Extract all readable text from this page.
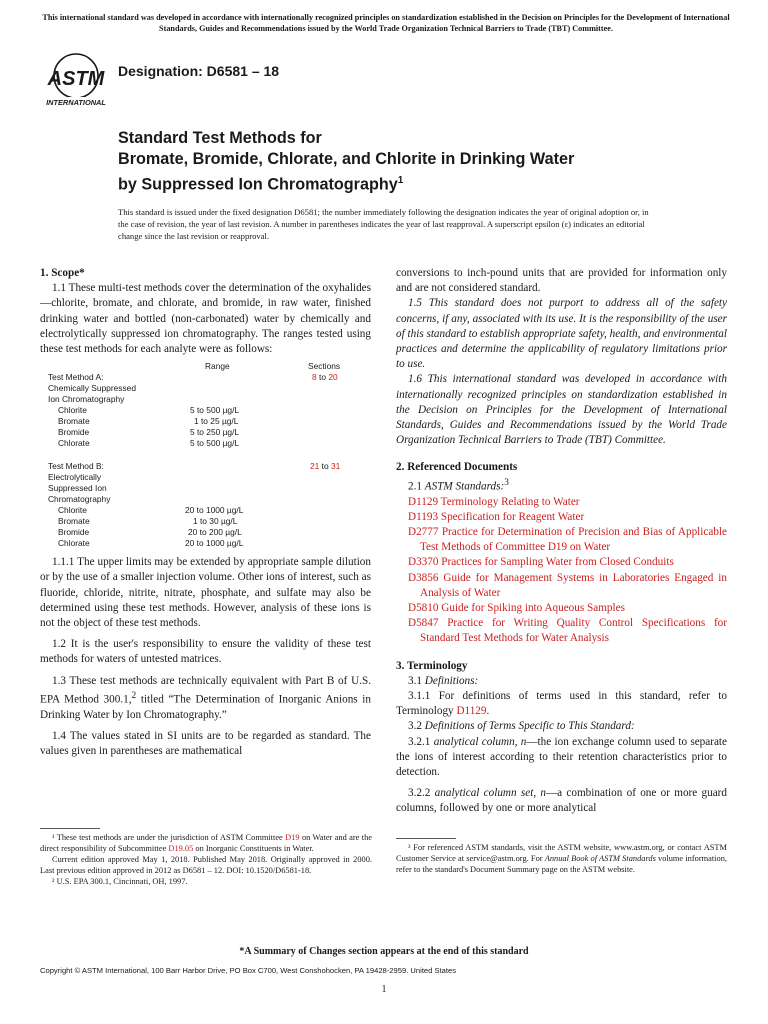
This international standard was developed in accordance with internationally recognized principles on standardization established in the Decision on Principles for the Development of International Standards, Guides and Recommendations issued by the World Trade Organization Technical Barriers to Trade (TBT) Committee.
ASTM
INTERNATIONAL
Designation: D6581 – 18
Standard Test Methods for
Bromate, Bromide, Chlorate, and Chlorite in Drinking Water
by Suppressed Ion Chromatography$^1$
This standard is issued under the fixed designation D6581; the number immediately following the designation indicates the year of original adoption or, in the case of revision, the year of last revision. A number in parentheses indicates the year of last reapproval. A superscript epsilon (ε) indicates an editorial change since the last revision or reapproval.

1. Scope*

1.1 These multi-test methods cover the determination of the oxyhalides—chlorite, bromate, and chlorate, and bromide, in raw water, finished drinking water and bottled (non-carbonated) water by chemically and electrolytically suppressed ion chromatography. The ranges tested using these test methods for each analyte were as follows:

Range	Sections
Test Method A:	8 to 20
Chemically Suppressed
Ion Chromatography
Chlorite	5 to 500 µg/L
Bromate	1 to 25 µg/L
Bromide	5 to 250 µg/L
Chlorate	5 to 500 µg/L
Test Method B:	21 to 31
Electrolytically
Suppressed Ion
Chromatography
Chlorite	20 to 1000 µg/L
Bromate	1 to 30 µg/L
Bromide	20 to 200 µg/L
Chlorate	20 to 1000 µg/L

1.1.1 The upper limits may be extended by appropriate sample dilution or by the use of a smaller injection volume. Other ions of interest, such as fluoride, chloride, nitrite, nitrate, phosphate, and sulfate may also be determined using these test methods. However, analysis of these ions is not the object of these test methods.

1.2 It is the user's responsibility to ensure the validity of these test methods for waters of untested matrices.

1.3 These test methods are technically equivalent with Part B of U.S. EPA Method 300.1,$^2$ titled “The Determination of Inorganic Anions in Drinking Water by Ion Chromatography.”

1.4 The values stated in SI units are to be regarded as standard. The values given in parentheses are mathematical

conversions to inch-pound units that are provided for information only and are not considered standard.

1.5 This standard does not purport to address all of the safety concerns, if any, associated with its use. It is the responsibility of the user of this standard to establish appropriate safety, health, and environmental practices and determine the applicability of regulatory limitations prior to use.

1.6 This international standard was developed in accordance with internationally recognized principles on standardization established in the Decision on Principles for the Development of International Standards, Guides and Recommendations issued by the World Trade Organization Technical Barriers to Trade (TBT) Committee.

2. Referenced Documents

2.1 ASTM Standards:$^3$

D1129 Terminology Relating to Water

D1193 Specification for Reagent Water

D2777 Practice for Determination of Precision and Bias of Applicable Test Methods of Committee D19 on Water

D3370 Practices for Sampling Water from Closed Conduits

D3856 Guide for Management Systems in Laboratories Engaged in Analysis of Water

D5810 Guide for Spiking into Aqueous Samples

D5847 Practice for Writing Quality Control Specifications for Standard Test Methods for Water Analysis

3. Terminology

3.1 Definitions:

3.1.1 For definitions of terms used in this standard, refer to Terminology D1129.

3.2 Definitions of Terms Specific to This Standard:

3.2.1 analytical column, n—the ion exchange column used to separate the ions of interest according to their retention characteristics prior to detection.

3.2.2 analytical column set, n—a combination of one or more guard columns, followed by one or more analytical

¹ These test methods are under the jurisdiction of ASTM Committee D19 on Water and are the direct responsibility of Subcommittee D19.05 on Inorganic Constituents in Water.

Current edition approved May 1, 2018. Published May 2018. Originally approved in 2000. Last previous edition approved in 2012 as D6581 – 12. DOI: 10.1520/D6581-18.

² U.S. EPA 300.1, Cincinnati, OH, 1997.

³ For referenced ASTM standards, visit the ASTM website, www.astm.org, or contact ASTM Customer Service at service@astm.org. For Annual Book of ASTM Standards volume information, refer to the standard's Document Summary page on the ASTM website.

*A Summary of Changes section appears at the end of this standard
Copyright © ASTM International, 100 Barr Harbor Drive, PO Box C700, West Conshohocken, PA 19428-2959. United States
1
